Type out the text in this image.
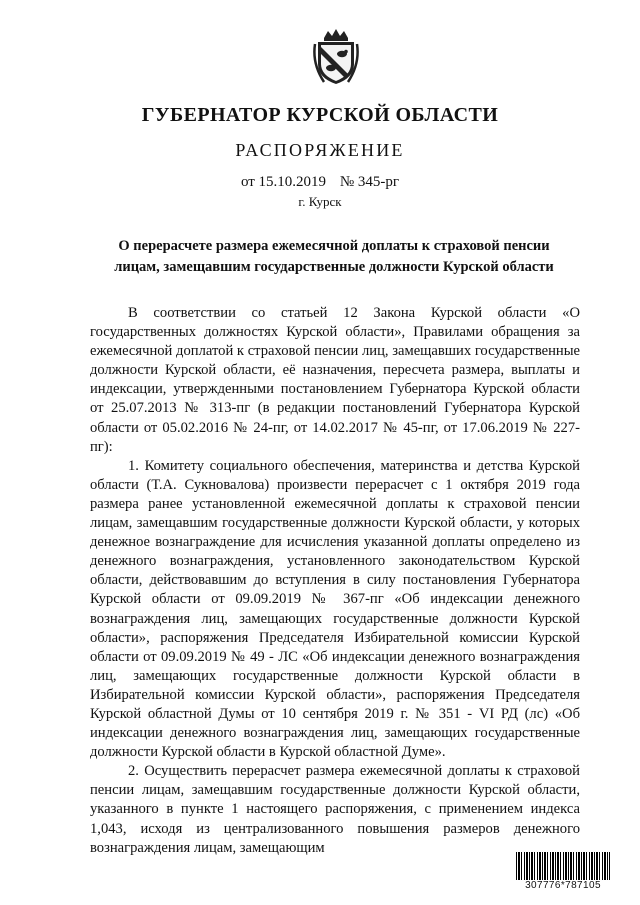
ГУБЕРНАТОР КУРСКОЙ ОБЛАСТИ
РАСПОРЯЖЕНИЕ
от 15.10.2019 № 345-рг
г. Курск
О перерасчете размера ежемесячной доплаты к страховой пенсии
лицам, замещавшим государственные должности Курской области

В соответствии со статьей 12 Закона Курской области «О государственных должностях Курской области», Правилами обращения за ежемесячной доплатой к страховой пенсии лиц, замещавших государственные должности Курской области, её назначения, пересчета размера, выплаты и индексации, утвержденными постановлением Губернатора Курской области от 25.07.2013 № 313-пг (в редакции постановлений Губернатора Курской области от 05.02.2016 № 24-пг, от 14.02.2017 № 45-пг, от 17.06.2019 № 227-пг):

1. Комитету социального обеспечения, материнства и детства Курской области (Т.А. Сукновалова) произвести перерасчет с 1 октября 2019 года размера ранее установленной ежемесячной доплаты к страховой пенсии лицам, замещавшим государственные должности Курской области, у которых денежное вознаграждение для исчисления указанной доплаты определено из денежного вознаграждения, установленного законодательством Курской области, действовавшим до вступления в силу постановления Губернатора Курской области от 09.09.2019 № 367-пг «Об индексации денежного вознаграждения лиц, замещающих государственные должности Курской области», распоряжения Председателя Избирательной комиссии Курской области от 09.09.2019 № 49 - ЛС «Об индексации денежного вознаграждения лиц, замещающих государственные должности Курской области в Избирательной комиссии Курской области», распоряжения Председателя Курской областной Думы от 10 сентября 2019 г. № 351 - VI РД (лс) «Об индексации денежного вознаграждения лиц, замещающих государственные должности Курской области в Курской областной Думе».

2. Осуществить перерасчет размера ежемесячной доплаты к страховой пенсии лицам, замещавшим государственные должности Курской области, указанного в пункте 1 настоящего распоряжения, с применением индекса 1,043, исходя из централизованного повышения размеров денежного вознаграждения лицам, замещающим

307776*787105
